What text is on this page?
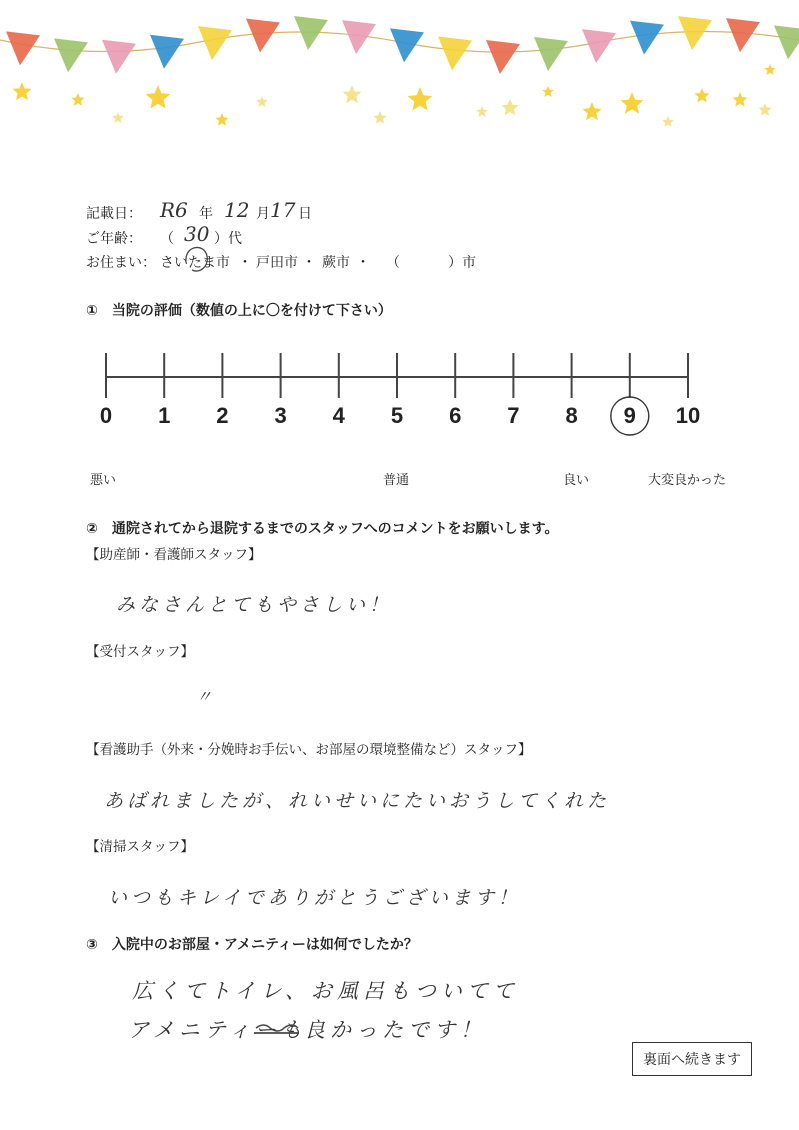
記載日： R6 年 12 月 17 日
ご年齢： （ 30 ）代
お住まい： さいたま市 ・ 戸田市 ・ 蕨市 ・ （	）市
①　当院の評価（数値の上に〇を付けて下さい）
0	1	2	3	4	5	6	7	8	9	10
悪い	普通	良い	大変良かった
②　通院されてから退院するまでのスタッフへのコメントをお願いします。
【助産師・看護師スタッフ】
みなさんとてもやさしい！
【受付スタッフ】
〃
【看護助手（外来・分娩時お手伝い、お部屋の環境整備など）スタッフ】
あばれましたが、れいせいにたいおうしてくれた
【清掃スタッフ】
いつもキレイでありがとうございます！
③　入院中のお部屋・アメニティーは如何でしたか？
広くてトイレ、お風呂もついてて
アメニティーも
良かったです！
裏面へ続きます
